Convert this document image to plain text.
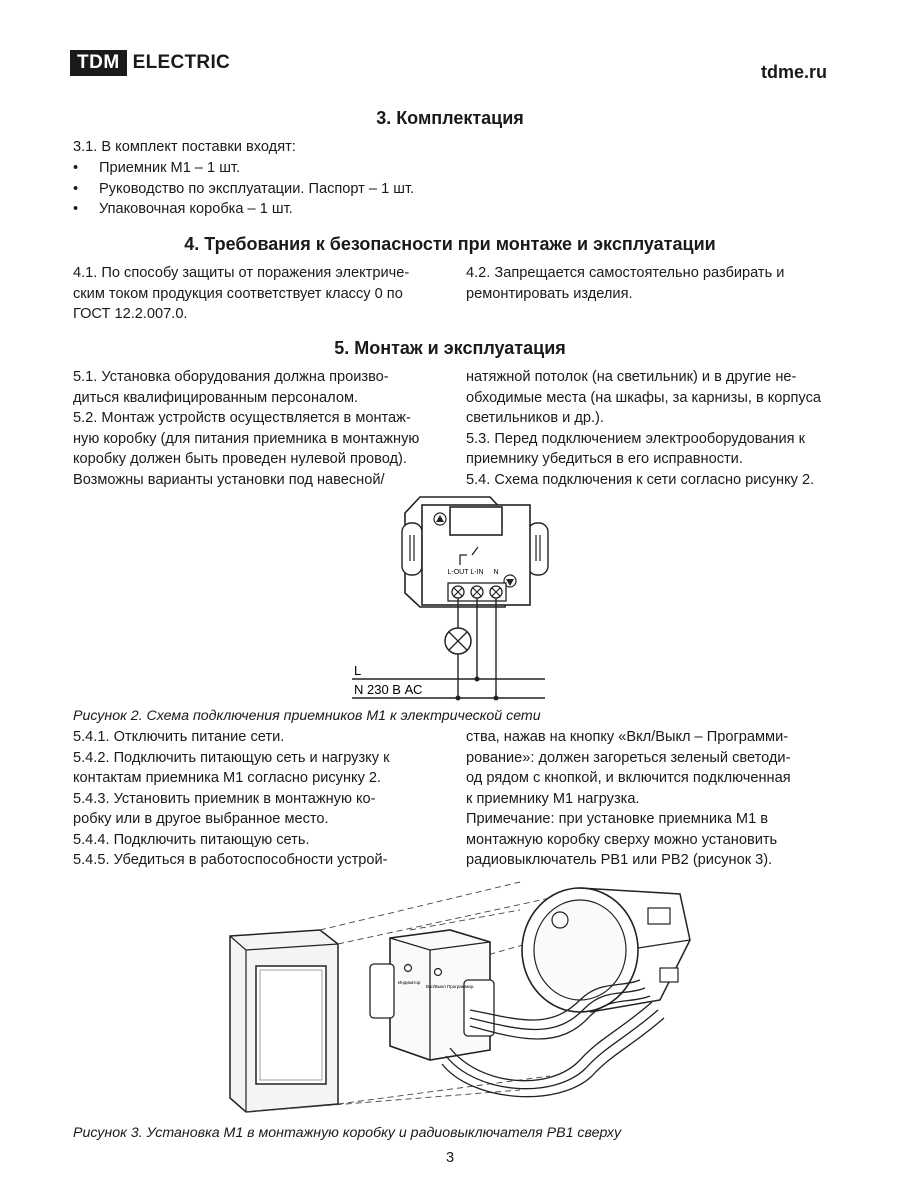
TDM ELECTRIC	tdme.ru
3. Комплектация
3.1. В комплект поставки входят:
•	Приемник М1 – 1 шт.
•	Руководство по эксплуатации. Паспорт – 1 шт.
•	Упаковочная коробка – 1 шт.
4. Требования к безопасности при монтаже и эксплуатации

4.1. По способу защиты от поражения электриче-

ским током продукция соответствует классу 0 по

ГОСТ 12.2.007.0.

4.2. Запрещается самостоятельно разбирать и

ремонтировать изделия.

5. Монтаж и эксплуатация

5.1. Установка оборудования должна произво-

диться квалифицированным персоналом.

5.2. Монтаж устройств осуществляется в монтаж-

ную коробку (для питания приемника в монтажную

коробку должен быть проведен нулевой провод).

Возможны варианты установки под навесной/

натяжной потолок (на светильник) и в другие не-

обходимые места (на шкафы, за карнизы, в корпуса

светильников и др.).

5.3. Перед подключением электрооборудования к

приемнику убедиться в его исправности.

5.4. Схема подключения к сети согласно рисунку 2.

L-OUT L-IN N
L
N 230 В АС
Рисунок 2. Схема подключения приемников М1 к электрической сети

5.4.1. Отключить питание сети.

5.4.2. Подключить питающую сеть и нагрузку к

контактам приемника М1 согласно рисунку 2.

5.4.3. Установить приемник в монтажную ко-

робку или в другое выбранное место.

5.4.4. Подключить питающую сеть.

5.4.5. Убедиться в работоспособности устрой-

ства, нажав на кнопку «Вкл/Выкл – Программи-

рование»: должен загореться зеленый светоди-

од рядом с кнопкой, и включится подключенная

к приемнику М1 нагрузка.

Примечание: при установке приемника М1 в

монтажную коробку сверху можно установить

радиовыключатель РВ1 или РВ2 (рисунок 3).

Индикатор
Вкл/Выкл Программир.
Рисунок 3. Установка М1 в монтажную коробку и радиовыключателя РВ1 сверху
3
